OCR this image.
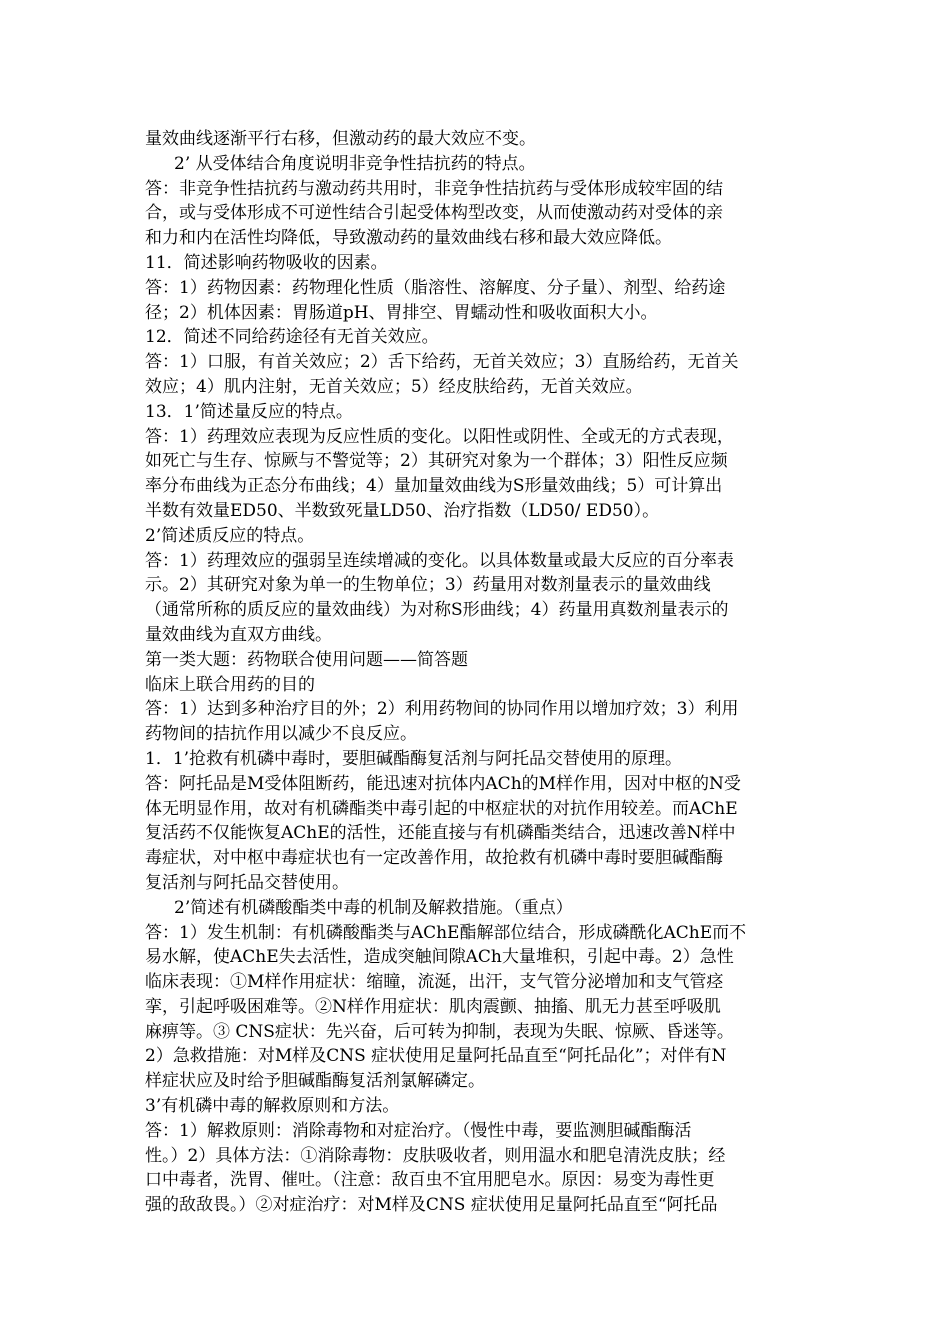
量效曲线逐渐平行右移，但激动药的最大效应不变。

2’ 从受体结合角度说明非竞争性拮抗药的特点。

答：非竞争性拮抗药与激动药共用时，非竞争性拮抗药与受体形成较牢固的结

合，或与受体形成不可逆性结合引起受体构型改变，从而使激动药对受体的亲

和力和内在活性均降低，导致激动药的量效曲线右移和最大效应降低。

11．简述影响药物吸收的因素。

答：1）药物因素：药物理化性质（脂溶性、溶解度、分子量）、剂型、给药途

径；2）机体因素：胃肠道pH、胃排空、胃蠕动性和吸收面积大小。

12．简述不同给药途径有无首关效应。

答：1）口服，有首关效应；2）舌下给药，无首关效应；3）直肠给药，无首关

效应；4）肌内注射，无首关效应；5）经皮肤给药，无首关效应。

13．1’简述量反应的特点。

答：1）药理效应表现为反应性质的变化。以阳性或阴性、全或无的方式表现，

如死亡与生存、惊厥与不警觉等；2）其研究对象为一个群体；3）阳性反应频

率分布曲线为正态分布曲线；4）量加量效曲线为S形量效曲线；5）可计算出

半数有效量ED50、半数致死量LD50、治疗指数（LD50/ ED50）。

2’简述质反应的特点。

答：1）药理效应的强弱呈连续增减的变化。以具体数量或最大反应的百分率表

示。2）其研究对象为单一的生物单位；3）药量用对数剂量表示的量效曲线

（通常所称的质反应的量效曲线）为对称S形曲线；4）药量用真数剂量表示的

量效曲线为直双方曲线。

第一类大题：药物联合使用问题——简答题

临床上联合用药的目的

答：1）达到多种治疗目的外；2）利用药物间的协同作用以增加疗效；3）利用

药物间的拮抗作用以减少不良反应。

1．1’抢救有机磷中毒时，要胆碱酯酶复活剂与阿托品交替使用的原理。

答：阿托品是M受体阻断药，能迅速对抗体内ACh的M样作用，因对中枢的N受

体无明显作用，故对有机磷酯类中毒引起的中枢症状的对抗作用较差。而AChE

复活药不仅能恢复AChE的活性，还能直接与有机磷酯类结合，迅速改善N样中

毒症状，对中枢中毒症状也有一定改善作用，故抢救有机磷中毒时要胆碱酯酶

复活剂与阿托品交替使用。

2’简述有机磷酸酯类中毒的机制及解救措施。（重点）

答：1）发生机制：有机磷酸酯类与AChE酯解部位结合，形成磷酰化AChE而不

易水解，使AChE失去活性，造成突触间隙ACh大量堆积，引起中毒。2）急性

临床表现：①M样作用症状：缩瞳，流涎，出汗，支气管分泌增加和支气管痉

挛，引起呼吸困难等。②N样作用症状：肌肉震颤、抽搐、肌无力甚至呼吸肌

麻痹等。③ CNS症状：先兴奋，后可转为抑制，表现为失眠、惊厥、昏迷等。

2）急救措施：对M样及CNS 症状使用足量阿托品直至“阿托品化”；对伴有N

样症状应及时给予胆碱酯酶复活剂氯解磷定。

3’有机磷中毒的解救原则和方法。

答：1）解救原则：消除毒物和对症治疗。（慢性中毒，要监测胆碱酯酶活

性。）2）具体方法：①消除毒物：皮肤吸收者，则用温水和肥皂清洗皮肤；经

口中毒者，洗胃、催吐。（注意：敌百虫不宜用肥皂水。原因：易变为毒性更

强的敌敌畏。）②对症治疗：对M样及CNS 症状使用足量阿托品直至“阿托品
